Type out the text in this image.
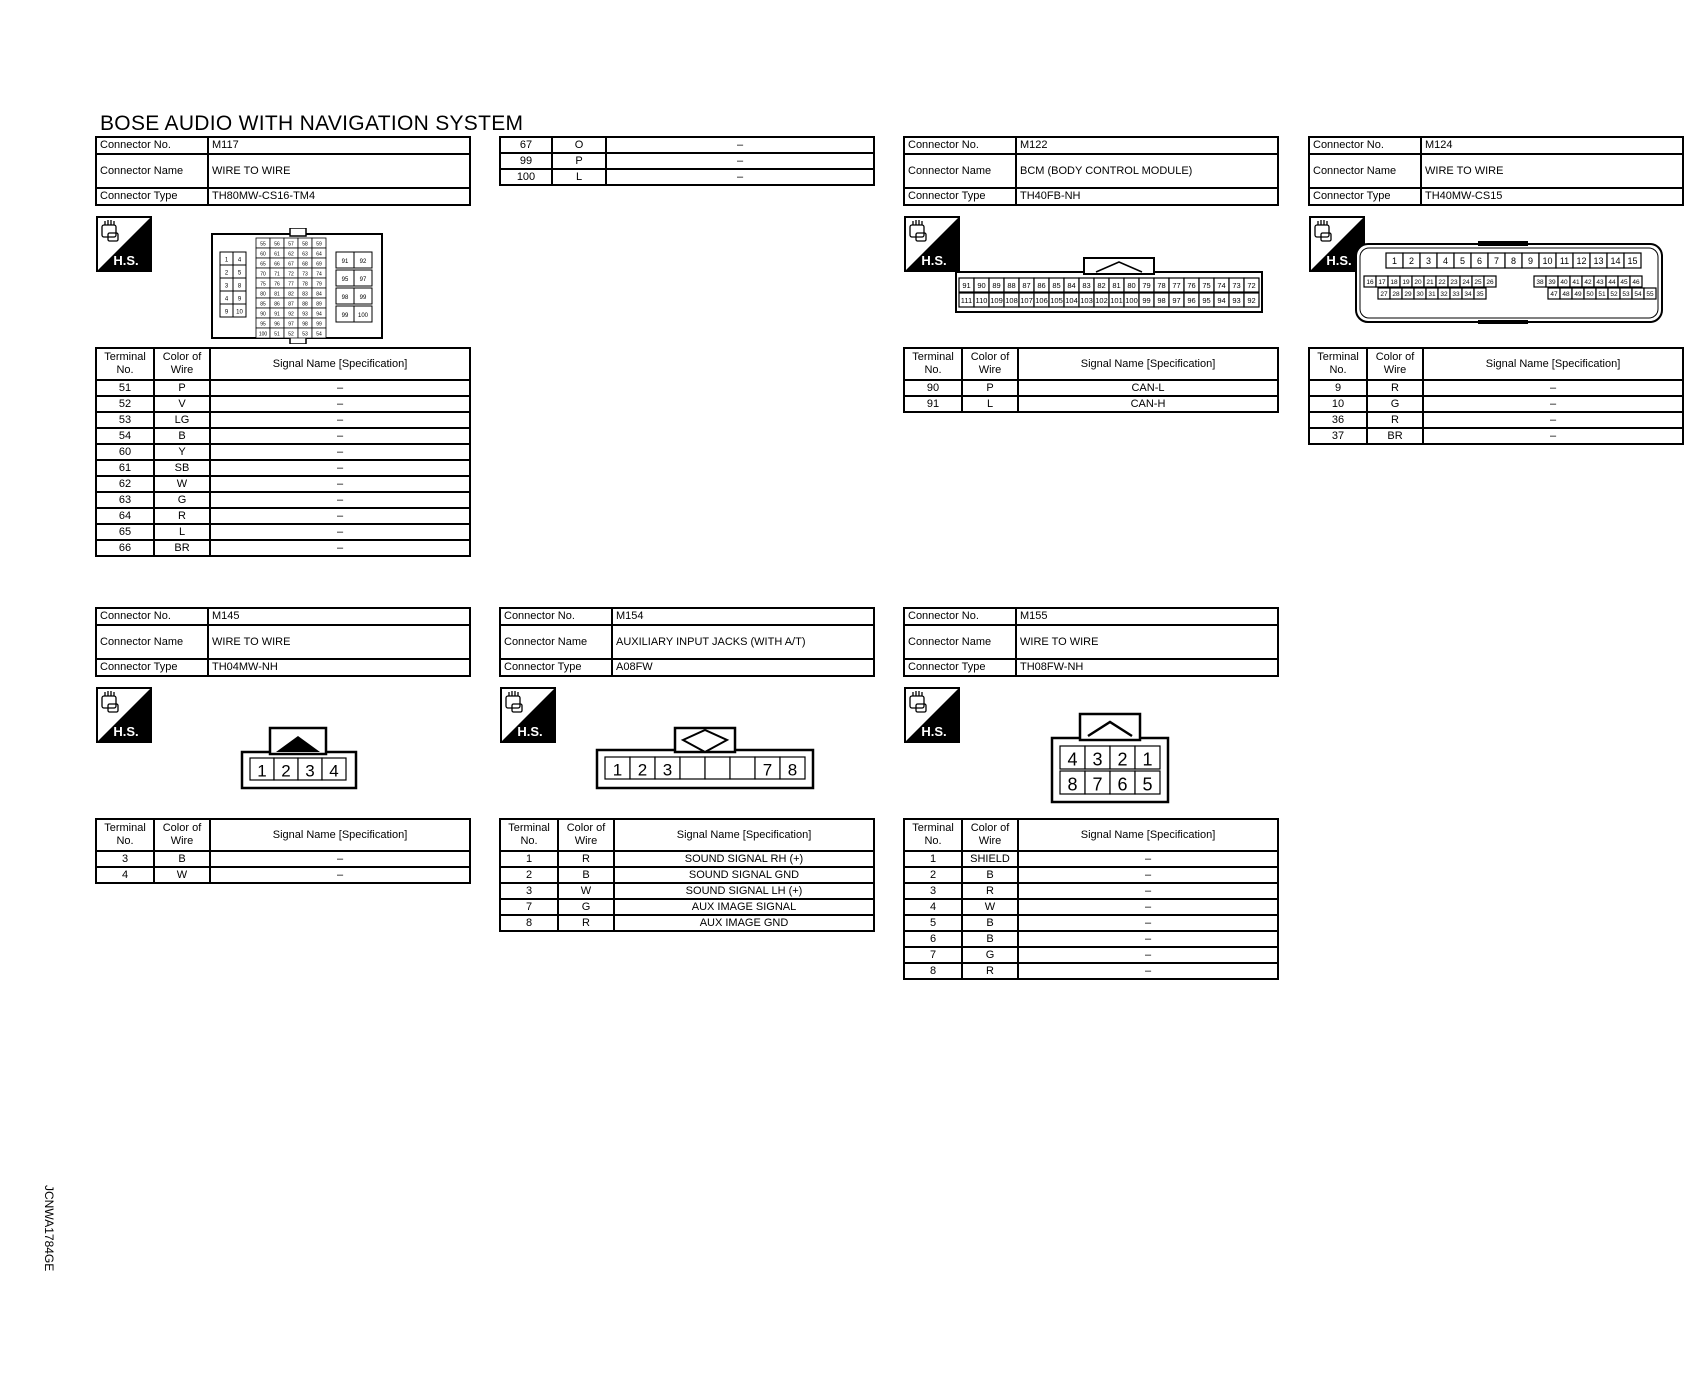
BOSE AUDIO WITH NAVIGATION SYSTEM
JCNWA1784GE
Connector No.	M117
Connector Name	WIRE TO WIRE
Connector Type	TH80MW-CS16-TM4
H.S.	1 4
2 5
3 8
4 9
9 10
55 56 57 58 59
60 61 62 63 64
65 66 67 68 69
70 71 72 73 74
75 76 77 78 79
80 81 82 83 84
85 86 87 88 89
90 91 92 93 94
95 96 97 98 99
100 51 52 53 54
91 92
95 97
98 99
99 100
Terminal No.	Color of Wire	Signal Name [Specification]
51	P	–
52	V	–
53	LG	–
54	B	–
60	Y	–
61	SB	–
62	W	–
63	G	–
64	R	–
65	L	–
66	BR	–
67	O	–
99	P	–
100	L	–
Connector No.	M122
Connector Name	BCM (BODY CONTROL MODULE)
Connector Type	TH40FB-NH
H.S.
91 90 89 88 87 86 85 84 83 82 81 80 79 78 77 76 75 74 73 72
111 110 109 108 107 106 105 104 103 102 101 100 99 98 97 96 95 94 93 92
Terminal No.	Color of Wire	Signal Name [Specification]
90	P	CAN-L
91	L	CAN-H
Connector No.	M124
Connector Name	WIRE TO WIRE
Connector Type	TH40MW-CS15
H.S.	1 2 3 4 5 6 7 8 9 10 11 12 13 14 15
16 17 18 19 20 21 22 23 24 25 26	38 39 40 41 42 43 44 45 46
27 28 29 30 31 32 33 34 35	47 48 49 50 51 52 53 54 55
Terminal No.	Color of Wire	Signal Name [Specification]
9	R	–
10	G	–
36	R	–
37	BR	–
Connector No.	M145
Connector Name	WIRE TO WIRE
Connector Type	TH04MW-NH
H.S.
1 2 3 4
Terminal No.	Color of Wire	Signal Name [Specification]
3	B	–
4	W	–
Connector No.	M154
Connector Name	AUXILIARY INPUT JACKS (WITH A/T)
Connector Type	A08FW
H.S.
1 2 3	7 8
Terminal No.	Color of Wire	Signal Name [Specification]
1	R	SOUND SIGNAL RH (+)
2	B	SOUND SIGNAL GND
3	W	SOUND SIGNAL LH (+)
7	G	AUX IMAGE SIGNAL
8	R	AUX IMAGE GND
Connector No.	M155
Connector Name	WIRE TO WIRE
Connector Type	TH08FW-NH
H.S.
4 3 2 1
8 7 6 5
Terminal No.	Color of Wire	Signal Name [Specification]
1	SHIELD	–
2	B	–
3	R	–
4	W	–
5	B	–
6	B	–
7	G	–
8	R	–
